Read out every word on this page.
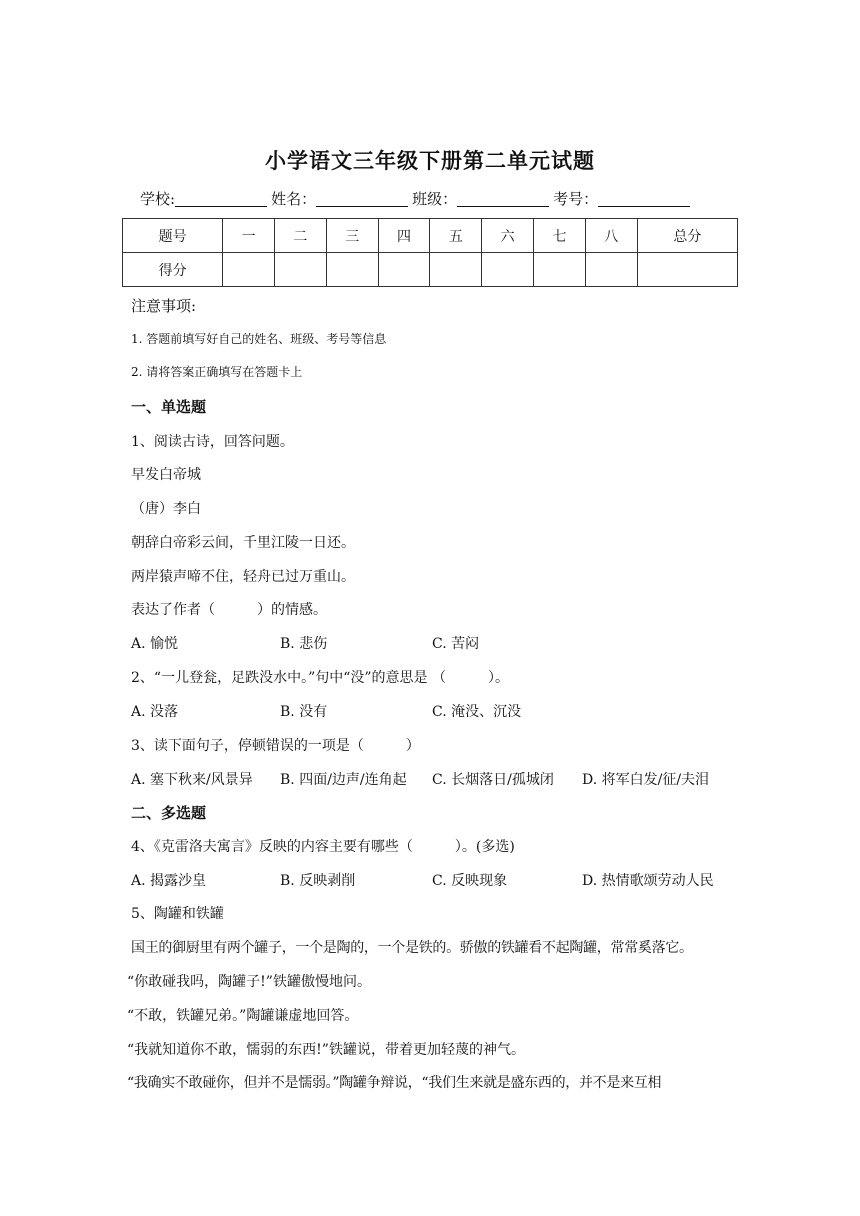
小学语文三年级下册第二单元试题
学校:	姓名：	班级：	考号：
题号	一	二	三	四	五	六	七	八	总分
得分									
注意事项:
1. 答题前填写好自己的姓名、班级、考号等信息
2. 请将答案正确填写在答题卡上
一、单选题
1、阅读古诗，回答问题。
早发白帝城
（唐）李白
朝辞白帝彩云间，千里江陵一日还。
两岸猿声啼不住，轻舟已过万重山。
表达了作者（　　　）的情感。
A. 愉悦	B. 悲伤	C. 苦闷
2、“一儿登瓮，足跌没水中。”句中“没”的意思是 （　　　）。
A. 没落	B. 没有	C. 淹没、沉没
3、读下面句子，停顿错误的一项是（　　　）
A. 塞下秋来/风景异 B. 四面/边声/连角起 C. 长烟落日/孤城闭 D. 将军白发/征/夫泪
二、多选题
4、《克雷洛夫寓言》反映的内容主要有哪些（　　　）。(多选)
A. 揭露沙皇	B. 反映剥削	C. 反映现象	D. 热情歌颂劳动人民
5、陶罐和铁罐
国王的御厨里有两个罐子，一个是陶的，一个是铁的。骄傲的铁罐看不起陶罐，常常奚落它。
“你敢碰我吗，陶罐子!”铁罐傲慢地问。
“不敢，铁罐兄弟。”陶罐谦虚地回答。
“我就知道你不敢，懦弱的东西!”铁罐说，带着更加轻蔑的神气。
“我确实不敢碰你，但并不是懦弱。”陶罐争辩说，“我们生来就是盛东西的，并不是来互相
